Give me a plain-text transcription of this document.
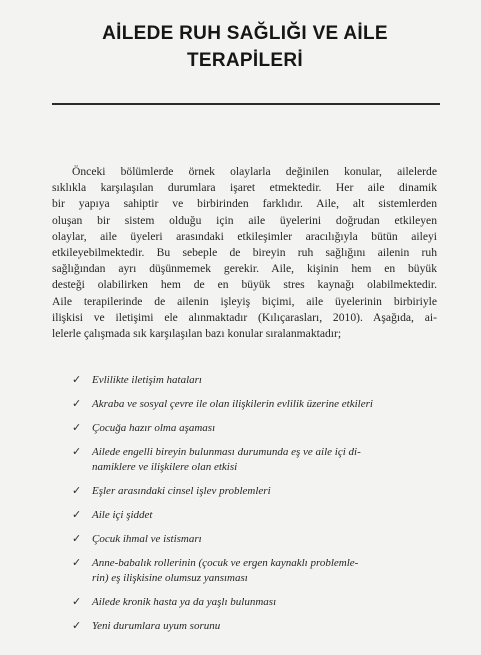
AİLEDE RUH SAĞLIĞI VE AİLE
TERAPİLERİ
Önceki bölümlerde örnek olaylarla değinilen konular, ailelerde
sıklıkla karşılaşılan durumlara işaret etmektedir. Her aile dinamik
bir yapıya sahiptir ve birbirinden farklıdır. Aile, alt sistemlerden
oluşan bir sistem olduğu için aile üyelerini doğrudan etkileyen
olaylar, aile üyeleri arasındaki etkileşimler aracılığıyla bütün aileyi
etkileyebilmektedir. Bu sebeple de bireyin ruh sağlığını ailenin ruh
sağlığından ayrı düşünmemek gerekir. Aile, kişinin hem en büyük
desteği olabilirken hem de en büyük stres kaynağı olabilmektedir.
Aile terapilerinde de ailenin işleyiş biçimi, aile üyelerinin birbiriyle
ilişkisi ve iletişimi ele alınmaktadır (Kılıçarasları, 2010). Aşağıda, ai-
lelerle çalışmada sık karşılaşılan bazı konular sıralanmaktadır;
✓ Evlilikte iletişim hataları
✓ Akraba ve sosyal çevre ile olan ilişkilerin evlilik üzerine etkileri
✓ Çocuğa hazır olma aşaması
✓ Ailede engelli bireyin bulunması durumunda eş ve aile içi di-
namiklere ve ilişkilere olan etkisi
✓ Eşler arasındaki cinsel işlev problemleri
✓ Aile içi şiddet
✓ Çocuk ihmal ve istismarı
✓ Anne-babalık rollerinin (çocuk ve ergen kaynaklı problemle-
rin) eş ilişkisine olumsuz yansıması
✓ Ailede kronik hasta ya da yaşlı bulunması
✓ Yeni durumlara uyum sorunu
